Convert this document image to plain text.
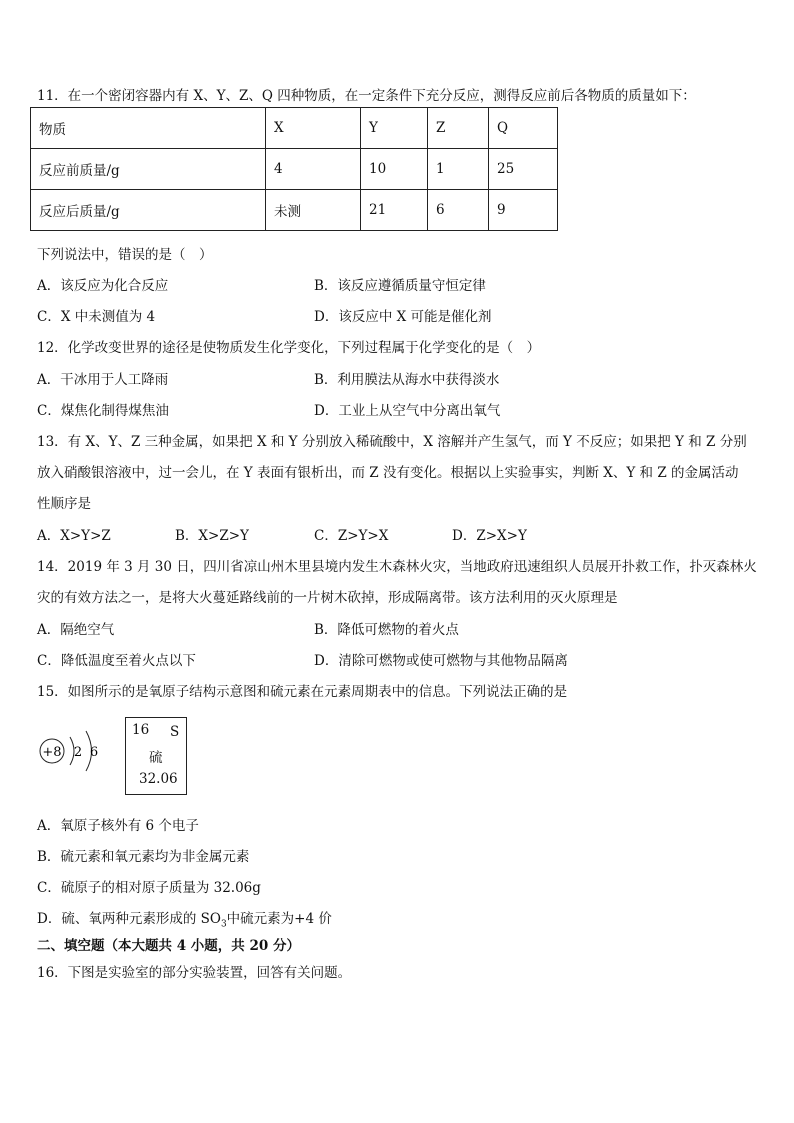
11．在一个密闭容器内有 X、Y、Z、Q 四种物质，在一定条件下充分反应，测得反应前后各物质的质量如下：
物质	X	Y	Z	Q
反应前质量/g	4	10	1	25
反应后质量/g	未测	21	6	9
下列说法中，错误的是（　）
A．该反应为化合反应	B．该反应遵循质量守恒定律
C．X 中未测值为 4	D．该反应中 X 可能是催化剂
12．化学改变世界的途径是使物质发生化学变化，下列过程属于化学变化的是（　）
A．干冰用于人工降雨	B．利用膜法从海水中获得淡水
C．煤焦化制得煤焦油	D．工业上从空气中分离出氧气
13．有 X、Y、Z 三种金属，如果把 X 和 Y 分别放入稀硫酸中，X 溶解并产生氢气，而 Y 不反应；如果把 Y 和 Z 分别
放入硝酸银溶液中，过一会儿，在 Y 表面有银析出，而 Z 没有变化。根据以上实验事实，判断 X、Y 和 Z 的金属活动
性顺序是
A．X>Y>Z	B．X>Z>Y	C．Z>Y>X	D．Z>X>Y
14．2019 年 3 月 30 日，四川省凉山州木里县境内发生木森林火灾，当地政府迅速组织人员展开扑救工作，扑灭森林火
灾的有效方法之一，是将大火蔓延路线前的一片树木砍掉，形成隔离带。该方法利用的灭火原理是
A．隔绝空气	B．降低可燃物的着火点
C．降低温度至着火点以下	D．清除可燃物或使可燃物与其他物品隔离
15．如图所示的是氧原子结构示意图和硫元素在元素周期表中的信息。下列说法正确的是
+8 2 6
16 S
硫
32.06
A．氧原子核外有 6 个电子
B．硫元素和氧元素均为非金属元素
C．硫原子的相对原子质量为 32.06g
D．硫、氧两种元素形成的 $SO_3$中硫元素为+4 价
二、填空题（本大题共 4 小题，共 20 分）
16．下图是实验室的部分实验装置，回答有关问题。
